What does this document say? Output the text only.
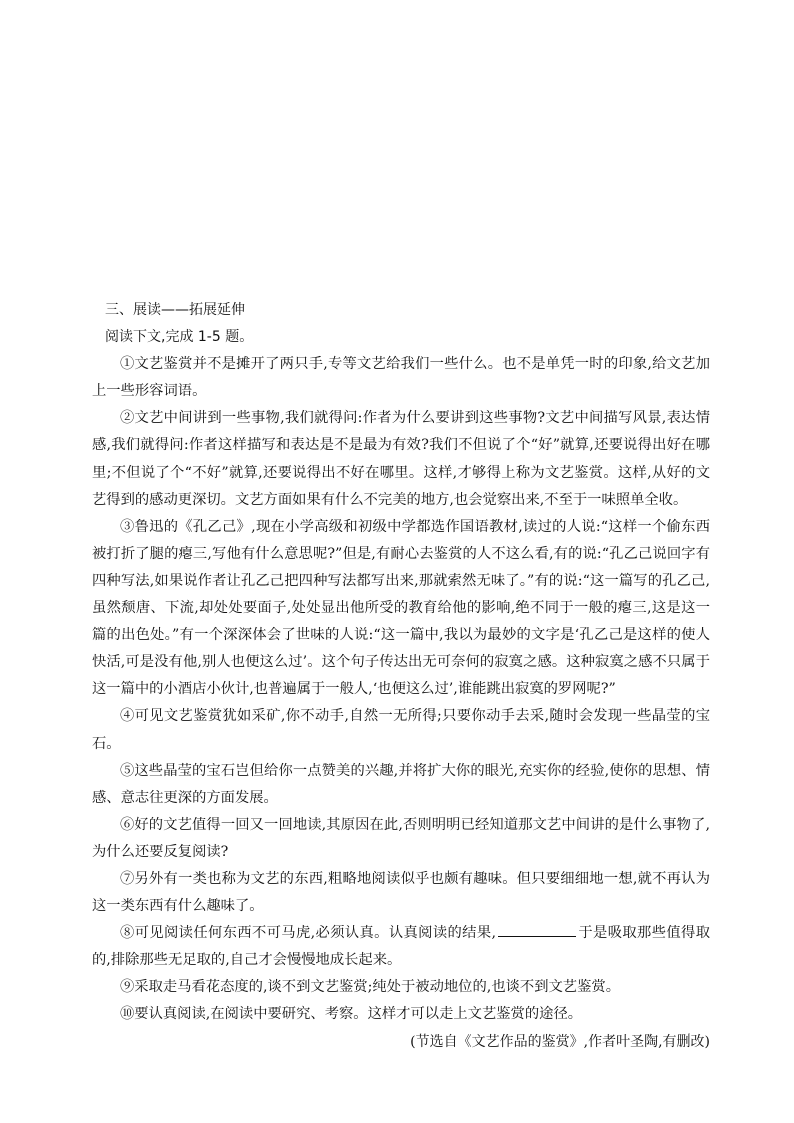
三、展读——拓展延伸

阅读下文,完成 1-5 题。

①文艺鉴赏并不是摊开了两只手,专等文艺给我们一些什么。也不是单凭一时的印象,给文艺加上一些形容词语。

②文艺中间讲到一些事物,我们就得问:作者为什么要讲到这些事物?文艺中间描写风景,表达情感,我们就得问:作者这样描写和表达是不是最为有效?我们不但说了个“好”就算,还要说得出好在哪里;不但说了个“不好”就算,还要说得出不好在哪里。这样,才够得上称为文艺鉴赏。这样,从好的文艺得到的感动更深切。文艺方面如果有什么不完美的地方,也会觉察出来,不至于一味照单全收。

③鲁迅的《孔乙己》,现在小学高级和初级中学都选作国语教材,读过的人说:“这样一个偷东西被打折了腿的瘪三,写他有什么意思呢?”但是,有耐心去鉴赏的人不这么看,有的说:“孔乙己说回字有四种写法,如果说作者让孔乙己把四种写法都写出来,那就索然无味了。”有的说:“这一篇写的孔乙己,虽然颓唐、下流,却处处要面子,处处显出他所受的教育给他的影响,绝不同于一般的瘪三,这是这一篇的出色处。”有一个深深体会了世味的人说:“这一篇中,我以为最妙的文字是‘孔乙己是这样的使人快活,可是没有他,别人也便这么过’。这个句子传达出无可奈何的寂寞之感。这种寂寞之感不只属于这一篇中的小酒店小伙计,也普遍属于一般人,‘也便这么过’,谁能跳出寂寞的罗网呢?”

④可见文艺鉴赏犹如采矿,你不动手,自然一无所得;只要你动手去采,随时会发现一些晶莹的宝石。

⑤这些晶莹的宝石岂但给你一点赞美的兴趣,并将扩大你的眼光,充实你的经验,使你的思想、情感、意志往更深的方面发展。

⑥好的文艺值得一回又一回地读,其原因在此,否则明明已经知道那文艺中间讲的是什么事物了,为什么还要反复阅读?

⑦另外有一类也称为文艺的东西,粗略地阅读似乎也颇有趣味。但只要细细地一想,就不再认为这一类东西有什么趣味了。

⑧可见阅读任何东西不可马虎,必须认真。认真阅读的结果,	于是吸取那些值得取的,排除那些无足取的,自己才会慢慢地成长起来。

⑨采取走马看花态度的,谈不到文艺鉴赏;纯处于被动地位的,也谈不到文艺鉴赏。

⑩要认真阅读,在阅读中要研究、考察。这样才可以走上文艺鉴赏的途径。

(节选自《文艺作品的鉴赏》,作者叶圣陶,有删改)
